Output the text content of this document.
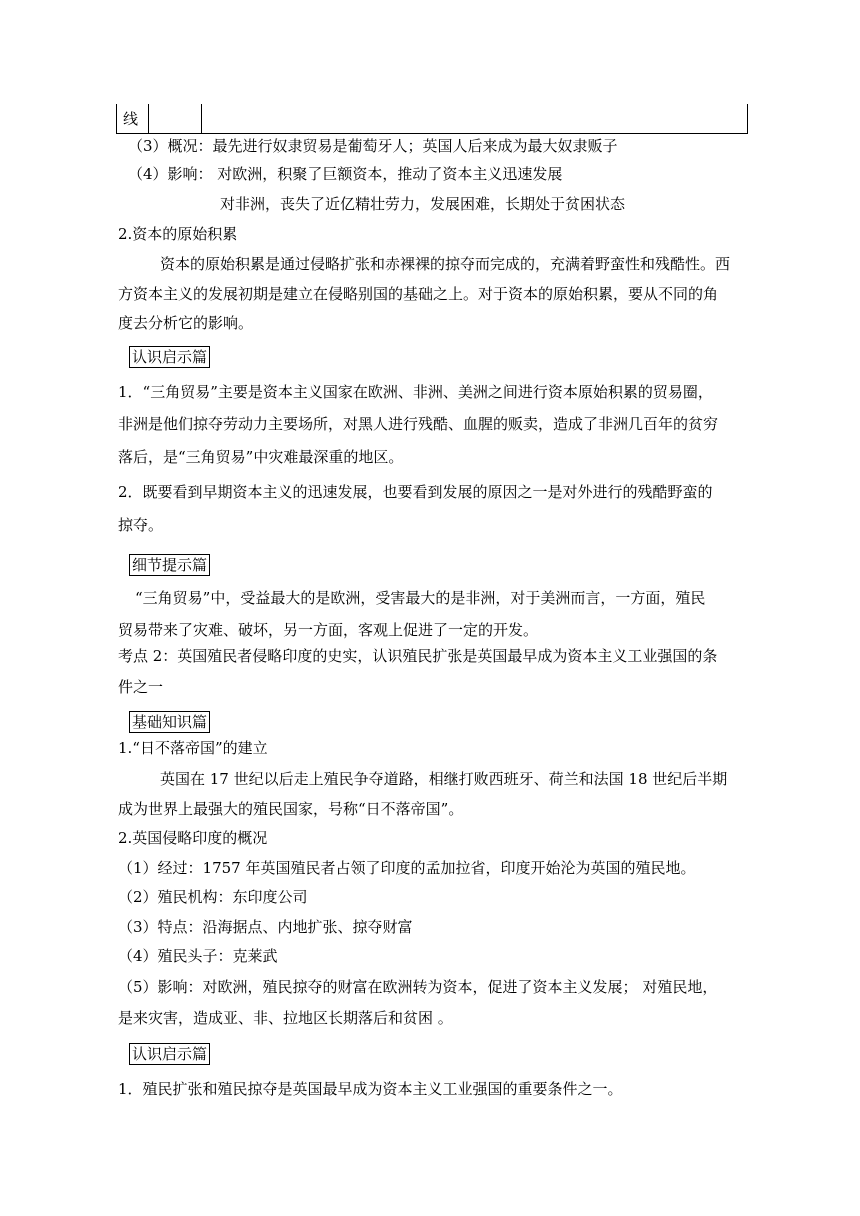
线
（3）概况：最先进行奴隶贸易是葡萄牙人；英国人后来成为最大奴隶贩子
（4）影响： 对欧洲，积聚了巨额资本，推动了资本主义迅速发展
对非洲，丧失了近亿精壮劳力，发展困难，长期处于贫困状态
2.资本的原始积累
资本的原始积累是通过侵略扩张和赤裸裸的掠夺而完成的，充满着野蛮性和残酷性。西
方资本主义的发展初期是建立在侵略别国的基础之上。对于资本的原始积累，要从不同的角
度去分析它的影响。
认识启示篇
1．“三角贸易”主要是资本主义国家在欧洲、非洲、美洲之间进行资本原始积累的贸易圈，
非洲是他们掠夺劳动力主要场所，对黑人进行残酷、血腥的贩卖，造成了非洲几百年的贫穷
落后，是“三角贸易”中灾难最深重的地区。
2．既要看到早期资本主义的迅速发展，也要看到发展的原因之一是对外进行的残酷野蛮的
掠夺。
细节提示篇
“三角贸易”中，受益最大的是欧洲，受害最大的是非洲，对于美洲而言，一方面，殖民
贸易带来了灾难、破坏，另一方面，客观上促进了一定的开发。
考点 2：英国殖民者侵略印度的史实，认识殖民扩张是英国最早成为资本主义工业强国的条
件之一
基础知识篇
1.“日不落帝国”的建立
英国在 17 世纪以后走上殖民争夺道路，相继打败西班牙、荷兰和法国 18 世纪后半期
成为世界上最强大的殖民国家，号称“日不落帝国”。
2.英国侵略印度的概况
（1）经过：1757 年英国殖民者占领了印度的孟加拉省，印度开始沦为英国的殖民地。
（2）殖民机构：东印度公司
（3）特点：沿海据点、内地扩张、掠夺财富
（4）殖民头子：克莱武
（5）影响：对欧洲，殖民掠夺的财富在欧洲转为资本，促进了资本主义发展； 对殖民地，
是来灾害，造成亚、非、拉地区长期落后和贫困 。
认识启示篇
1．殖民扩张和殖民掠夺是英国最早成为资本主义工业强国的重要条件之一。
